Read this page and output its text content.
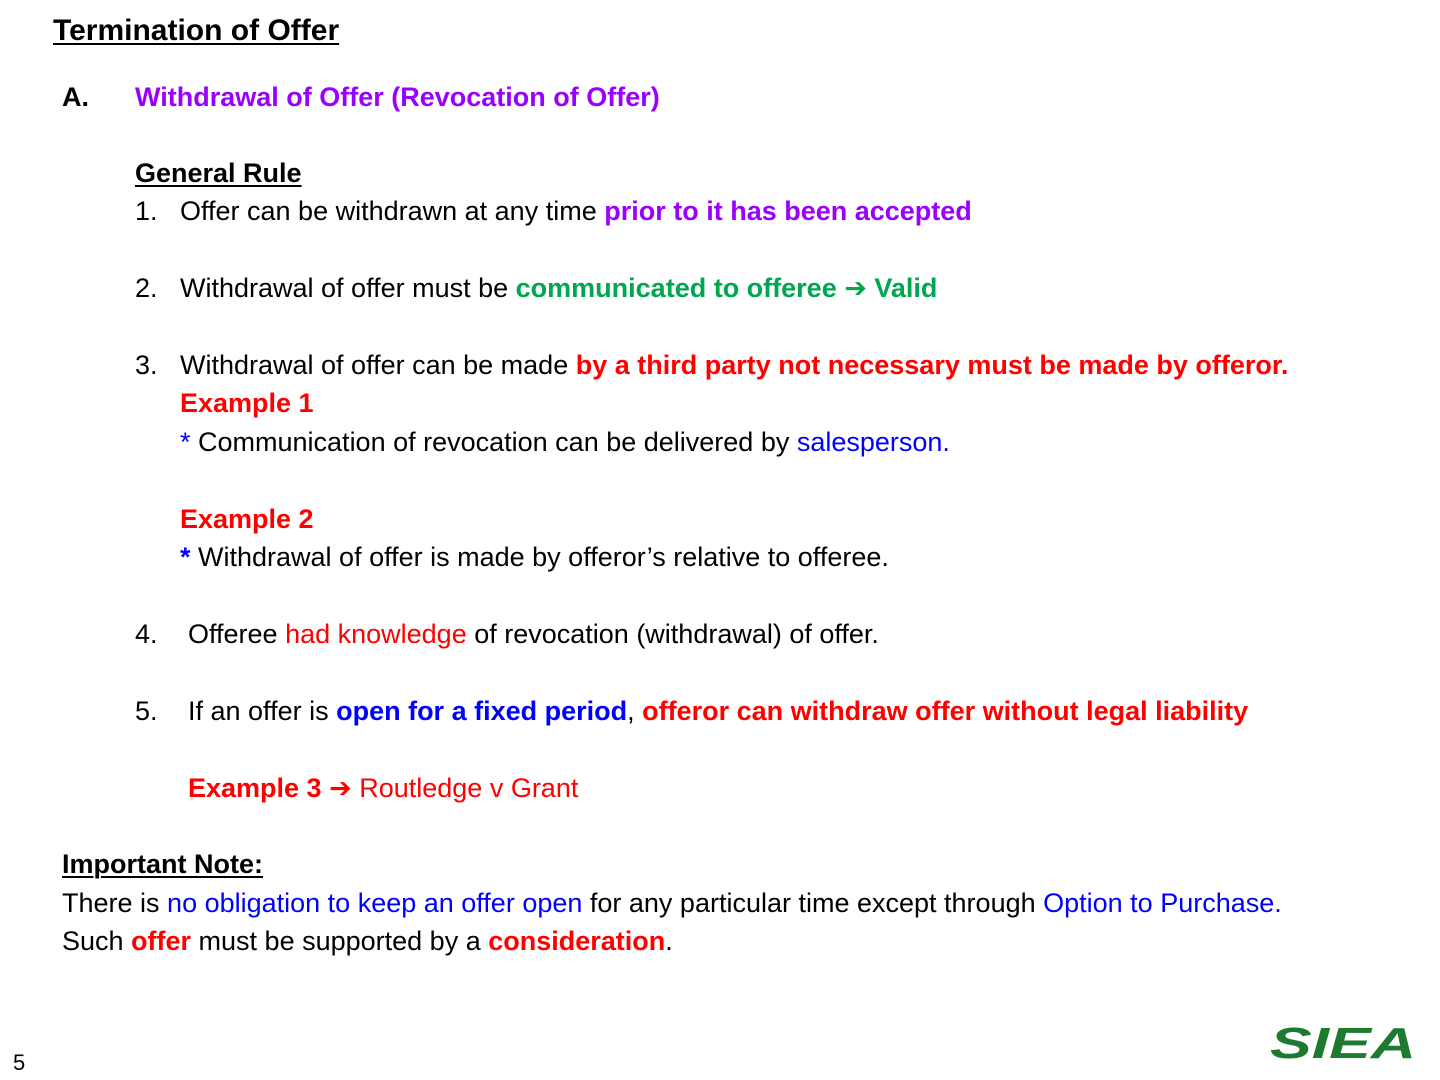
Termination of Offer
A. Withdrawal of Offer (Revocation of Offer)
General Rule
1. Offer can be withdrawn at any time prior to it has been accepted
2. Withdrawal of offer must be communicated to offeree ➔ Valid
3. Withdrawal of offer can be made by a third party not necessary must be made by offeror.
Example 1
* Communication of revocation can be delivered by salesperson.
Example 2
* Withdrawal of offer is made by offeror’s relative to offeree.
4. Offeree had knowledge of revocation (withdrawal) of offer.
5. If an offer is open for a fixed period, offeror can withdraw offer without legal liability
Example 3 ➔ Routledge v Grant
Important Note:
There is no obligation to keep an offer open for any particular time except through Option to Purchase.
Such offer must be supported by a consideration.
5	SIEA
